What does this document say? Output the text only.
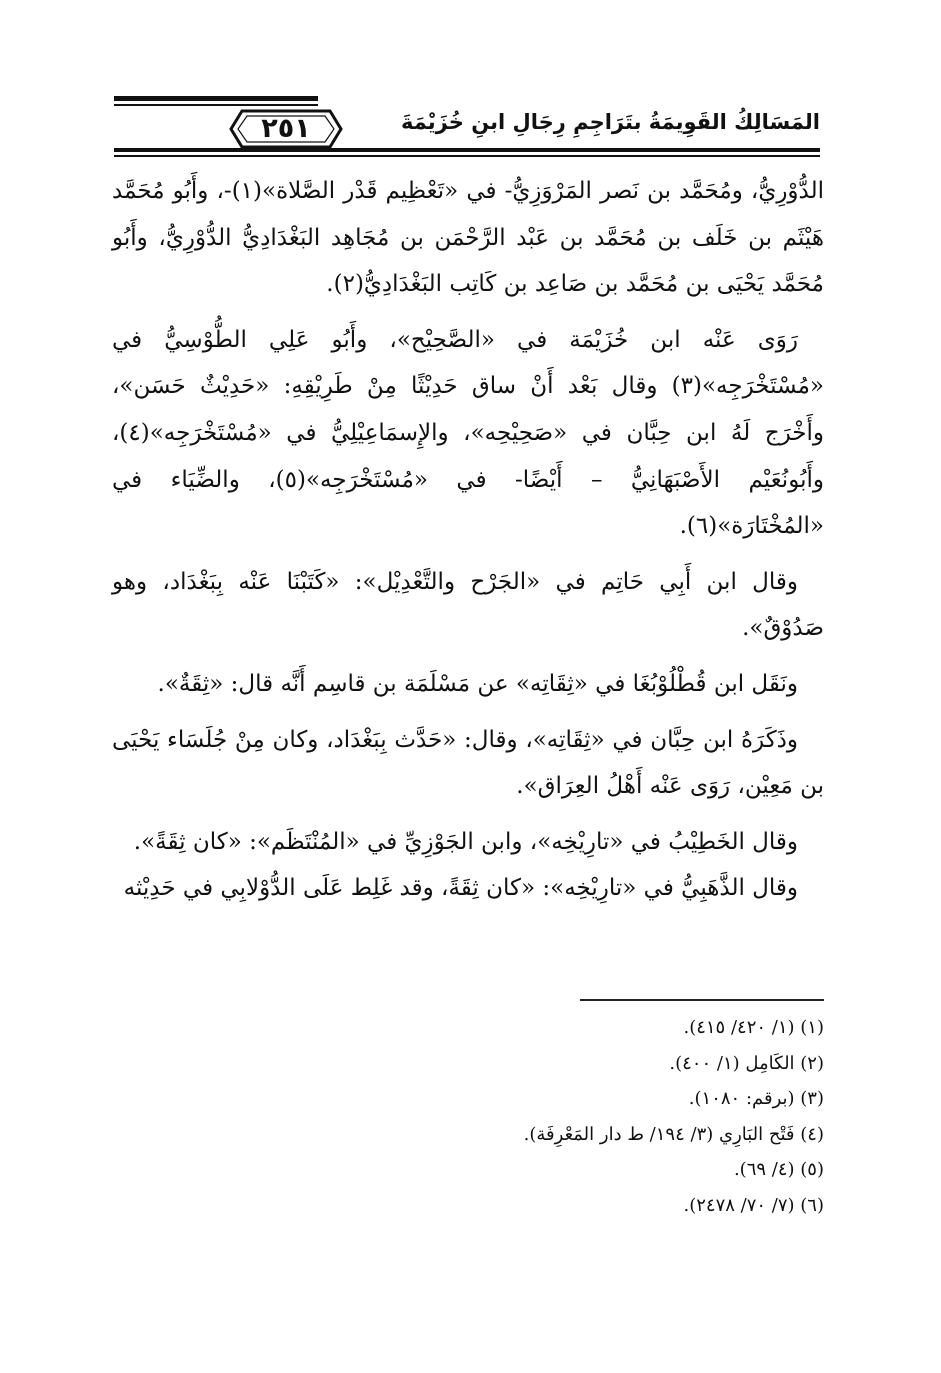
٢٥١	المَسَالِكُ القَوِيمَةُ بتَرَاجِمِ رِجَالِ ابنِ خُزَيْمَةَ

الدُّوْرِيُّ، ومُحَمَّد بن نَصر المَرْوَزِيُّ- في «تَعْظِيم قَدْر الصَّلاة»(١)-، وأَبُو مُحَمَّد هَيْثَم بن خَلَف بن مُحَمَّد بن عَبْد الرَّحْمَن بن مُجَاهِد البَغْدَادِيُّ الدُّوْرِيُّ، وأَبُو مُحَمَّد يَحْيَى بن مُحَمَّد بن صَاعِد بن كَاتِب البَغْدَادِيُّ(٢).

رَوَى عَنْه ابن خُزَيْمَة في «الصَّحِيْح»، وأَبُو عَلِي الطُّوْسِيُّ في «مُسْتَخْرَجِه»(٣) وقال بَعْد أَنْ ساق حَدِيْثًا مِنْ طَرِيْقِهِ: «حَدِيْثٌ حَسَن»، وأَخْرَج لَهُ ابن حِبَّان في «صَحِيْحِه»، والإِسمَاعِيْلِيُّ في «مُسْتَخْرَجِه»(٤)، وأَبُونُعَيْم الأَصْبَهَانِيُّ – أَيْضًا- في «مُسْتَخْرَجِه»(٥)، والضِّيَاء في «المُخْتَارَة»(٦).

وقال ابن أَبِي حَاتِم في «الجَرْح والتَّعْدِيْل»: «كَتَبْنَا عَنْه بِبَغْدَاد، وهو صَدُوْقٌ».

ونَقَل ابن قُطْلُوْبُغَا في «ثِقَاتِه» عن مَسْلَمَة بن قاسِم أَنَّه قال: «ثِقَةٌ».

وذَكَرَهُ ابن حِبَّان في «ثِقَاتِه»، وقال: «حَدَّث بِبَغْدَاد، وكان مِنْ جُلَسَاء يَحْيَى بن مَعِيْن، رَوَى عَنْه أَهْلُ العِرَاق».

وقال الخَطِيْبُ في «تارِيْخِه»، وابن الجَوْزِيِّ في «المُنْتَظَم»: «كان ثِقَةً».

وقال الذَّهَبِيُّ في «تارِيْخِه»: «كان ثِقَةً، وقد غَلِط عَلَى الدُّوْلابِي في حَدِيْثه

(١) (١/ ٤٢٠/ ٤١٥).
(٢) الكَامِل (١/ ٤٠٠).
(٣) (برقم: ١٠٨٠).
(٤) فَتْح البَارِي (٣/ ١٩٤/ ط دار المَعْرِفَة).
(٥) (٤/ ٦٩).
(٦) (٧/ ٧٠/ ٢٤٧٨).
